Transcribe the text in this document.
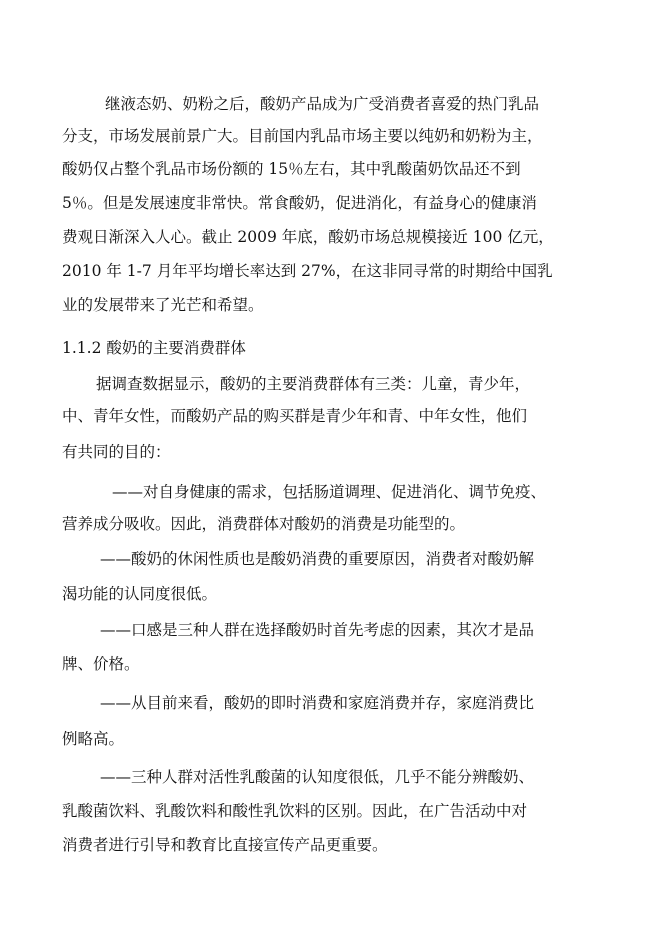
继液态奶、奶粉之后，酸奶产品成为广受消费者喜爱的热门乳品
分支，市场发展前景广大。目前国内乳品市场主要以纯奶和奶粉为主，
酸奶仅占整个乳品市场份额的 15％左右，其中乳酸菌奶饮品还不到
5％。但是发展速度非常快。常食酸奶，促进消化，有益身心的健康消
费观日渐深入人心。截止 2009 年底，酸奶市场总规模接近 100 亿元，
2010 年 1-7 月年平均增长率达到 27%，在这非同寻常的时期给中国乳
业的发展带来了光芒和希望。
1.1.2 酸奶的主要消费群体
据调查数据显示，酸奶的主要消费群体有三类：儿童，青少年，
中、青年女性，而酸奶产品的购买群是青少年和青、中年女性，他们
有共同的目的：
——对自身健康的需求，包括肠道调理、促进消化、调节免疫、
营养成分吸收。因此，消费群体对酸奶的消费是功能型的。
——酸奶的休闲性质也是酸奶消费的重要原因，消费者对酸奶解
渴功能的认同度很低。
——口感是三种人群在选择酸奶时首先考虑的因素，其次才是品
牌、价格。
——从目前来看，酸奶的即时消费和家庭消费并存，家庭消费比
例略高。
——三种人群对活性乳酸菌的认知度很低，几乎不能分辨酸奶、
乳酸菌饮料、乳酸饮料和酸性乳饮料的区别。因此，在广告活动中对
消费者进行引导和教育比直接宣传产品更重要。
